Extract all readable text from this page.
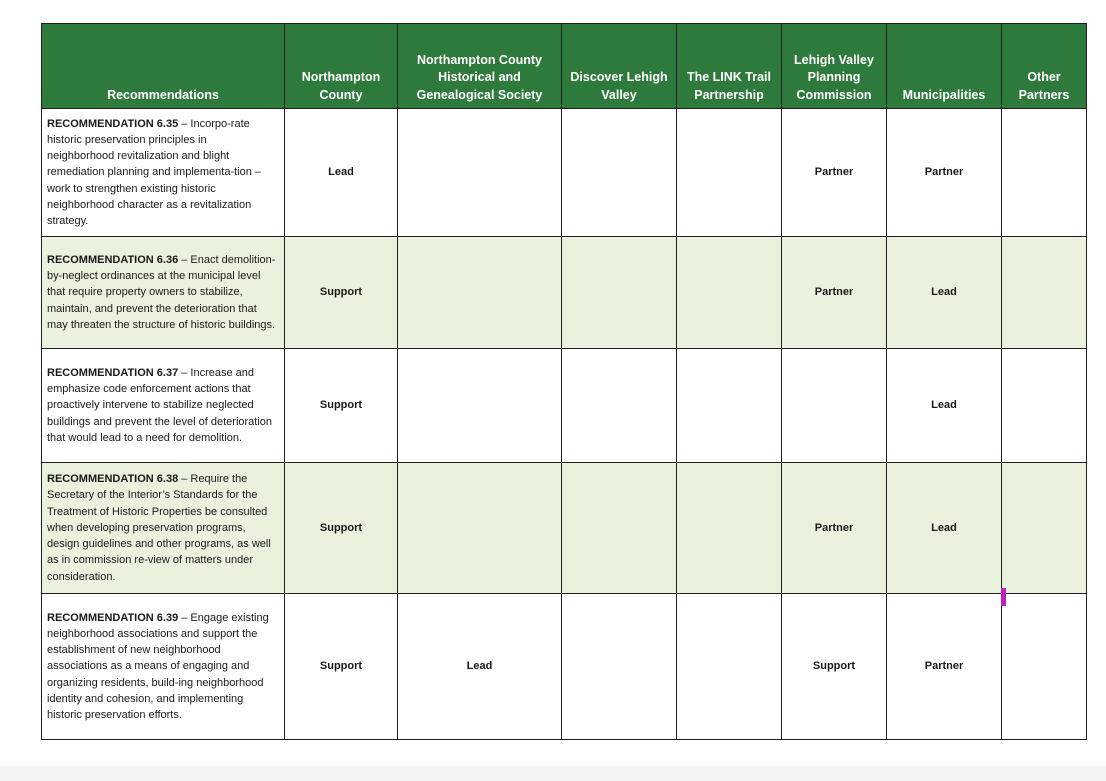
Recommendations	Northampton County	Northampton County Historical and Genealogical Society	Discover Lehigh Valley	The LINK Trail Partnership	Lehigh Valley Planning Commission	Municipalities	Other Partners
RECOMMENDATION 6.35 – Incorpo-rate historic preservation principles in neighborhood revitalization and blight remediation planning and implementa-tion – work to strengthen existing historic neighborhood character as a revitalization strategy.	Lead				Partner	Partner	
RECOMMENDATION 6.36 – Enact demolition-by-neglect ordinances at the municipal level that require property owners to stabilize, maintain, and prevent the deterioration that may threaten the structure of historic buildings.	Support				Partner	Lead	
RECOMMENDATION 6.37 – Increase and emphasize code enforcement actions that proactively intervene to stabilize neglected buildings and prevent the level of deterioration that would lead to a need for demolition.	Support					Lead	
RECOMMENDATION 6.38 – Require the Secretary of the Interior’s Standards for the Treatment of Historic Properties be consulted when developing preservation programs, design guidelines and other programs, as well as in commission re-view of matters under consideration.	Support				Partner	Lead	
RECOMMENDATION 6.39 – Engage existing neighborhood associations and support the establishment of new neighborhood associations as a means of engaging and organizing residents, build-ing neighborhood identity and cohesion, and implementing historic preservation efforts.	Support	Lead			Support	Partner	
